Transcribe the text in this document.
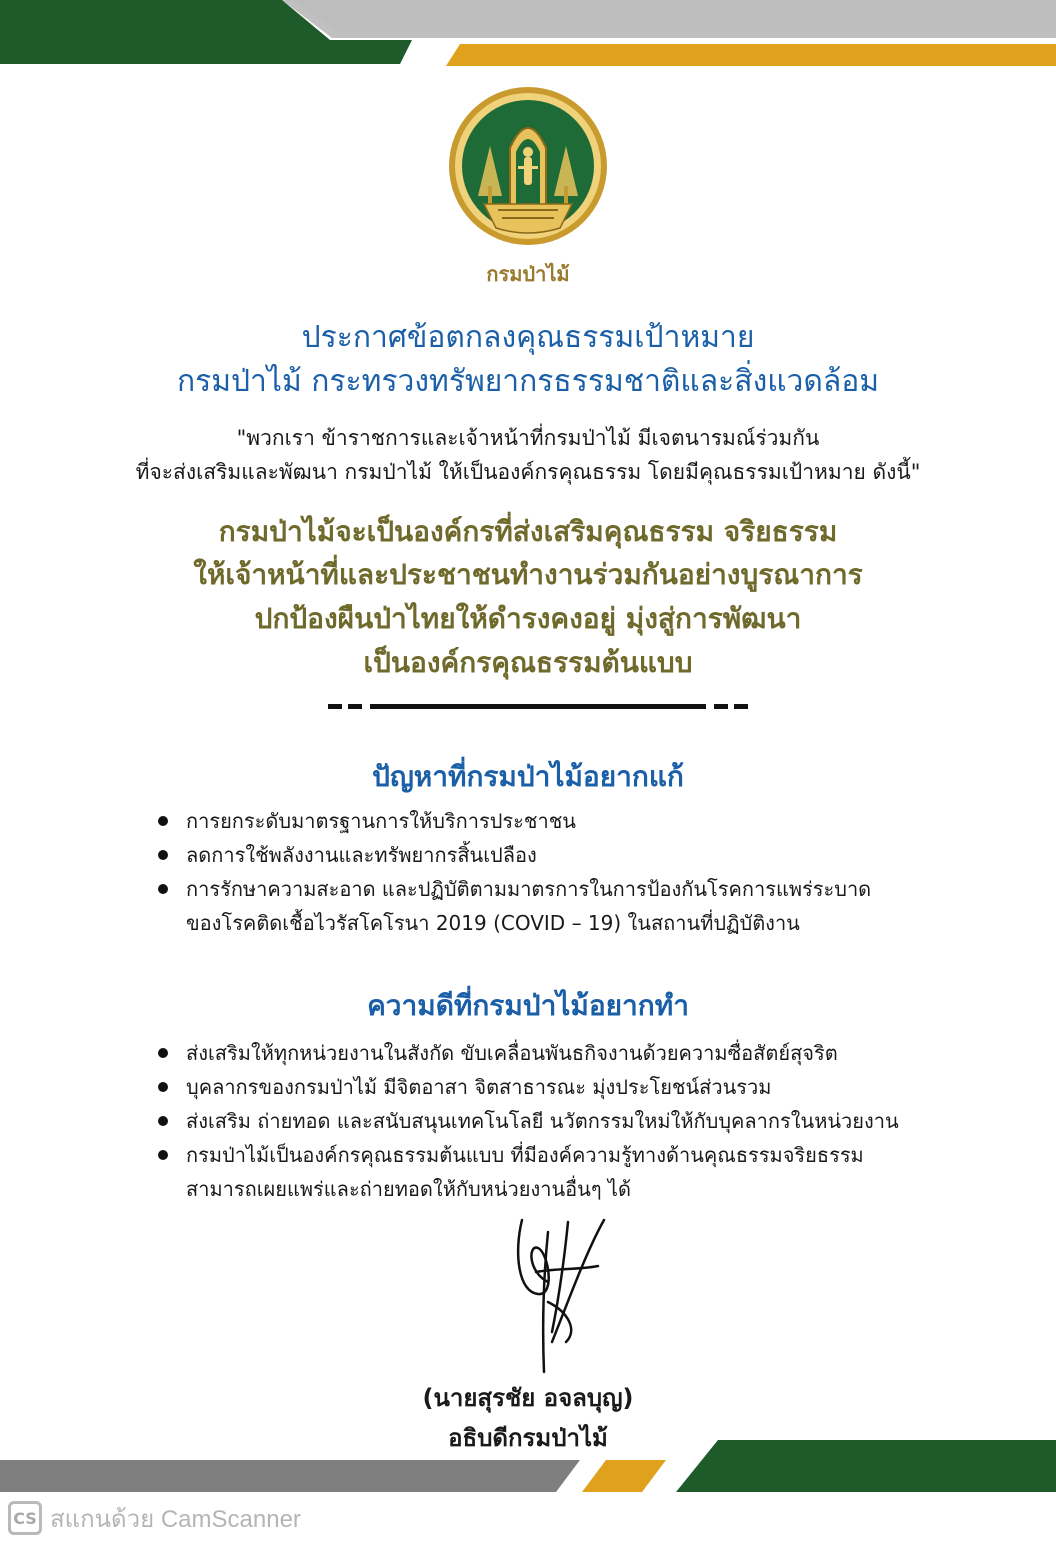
กรมป่าไม้
ประกาศข้อตกลงคุณธรรมเป้าหมาย
กรมป่าไม้ กระทรวงทรัพยากรธรรมชาติและสิ่งแวดล้อม
"พวกเรา ข้าราชการและเจ้าหน้าที่กรมป่าไม้ มีเจตนารมณ์ร่วมกัน
ที่จะส่งเสริมและพัฒนา กรมป่าไม้ ให้เป็นองค์กรคุณธรรม โดยมีคุณธรรมเป้าหมาย ดังนี้"
กรมป่าไม้จะเป็นองค์กรที่ส่งเสริมคุณธรรม จริยธรรม
ให้เจ้าหน้าที่และประชาชนทำงานร่วมกันอย่างบูรณาการ
ปกป้องผืนป่าไทยให้ดำรงคงอยู่ มุ่งสู่การพัฒนา
เป็นองค์กรคุณธรรมต้นแบบ
ปัญหาที่กรมป่าไม้อยากแก้
การยกระดับมาตรฐานการให้บริการประชาชน
ลดการใช้พลังงานและทรัพยากรสิ้นเปลือง
การรักษาความสะอาด และปฏิบัติตามมาตรการในการป้องกันโรคการแพร่ระบาด
ของโรคติดเชื้อไวรัสโคโรนา 2019 (COVID – 19) ในสถานที่ปฏิบัติงาน
ความดีที่กรมป่าไม้อยากทำ
ส่งเสริมให้ทุกหน่วยงานในสังกัด ขับเคลื่อนพันธกิจงานด้วยความซื่อสัตย์สุจริต
บุคลากรของกรมป่าไม้ มีจิตอาสา จิตสาธารณะ มุ่งประโยชน์ส่วนรวม
ส่งเสริม ถ่ายทอด และสนับสนุนเทคโนโลยี นวัตกรรมใหม่ให้กับบุคลากรในหน่วยงาน
กรมป่าไม้เป็นองค์กรคุณธรรมต้นแบบ ที่มีองค์ความรู้ทางด้านคุณธรรมจริยธรรม
สามารถเผยแพร่และถ่ายทอดให้กับหน่วยงานอื่นๆ ได้
(นายสุรชัย อจลบุญ)
อธิบดีกรมป่าไม้
CS สแกนด้วย CamScanner
